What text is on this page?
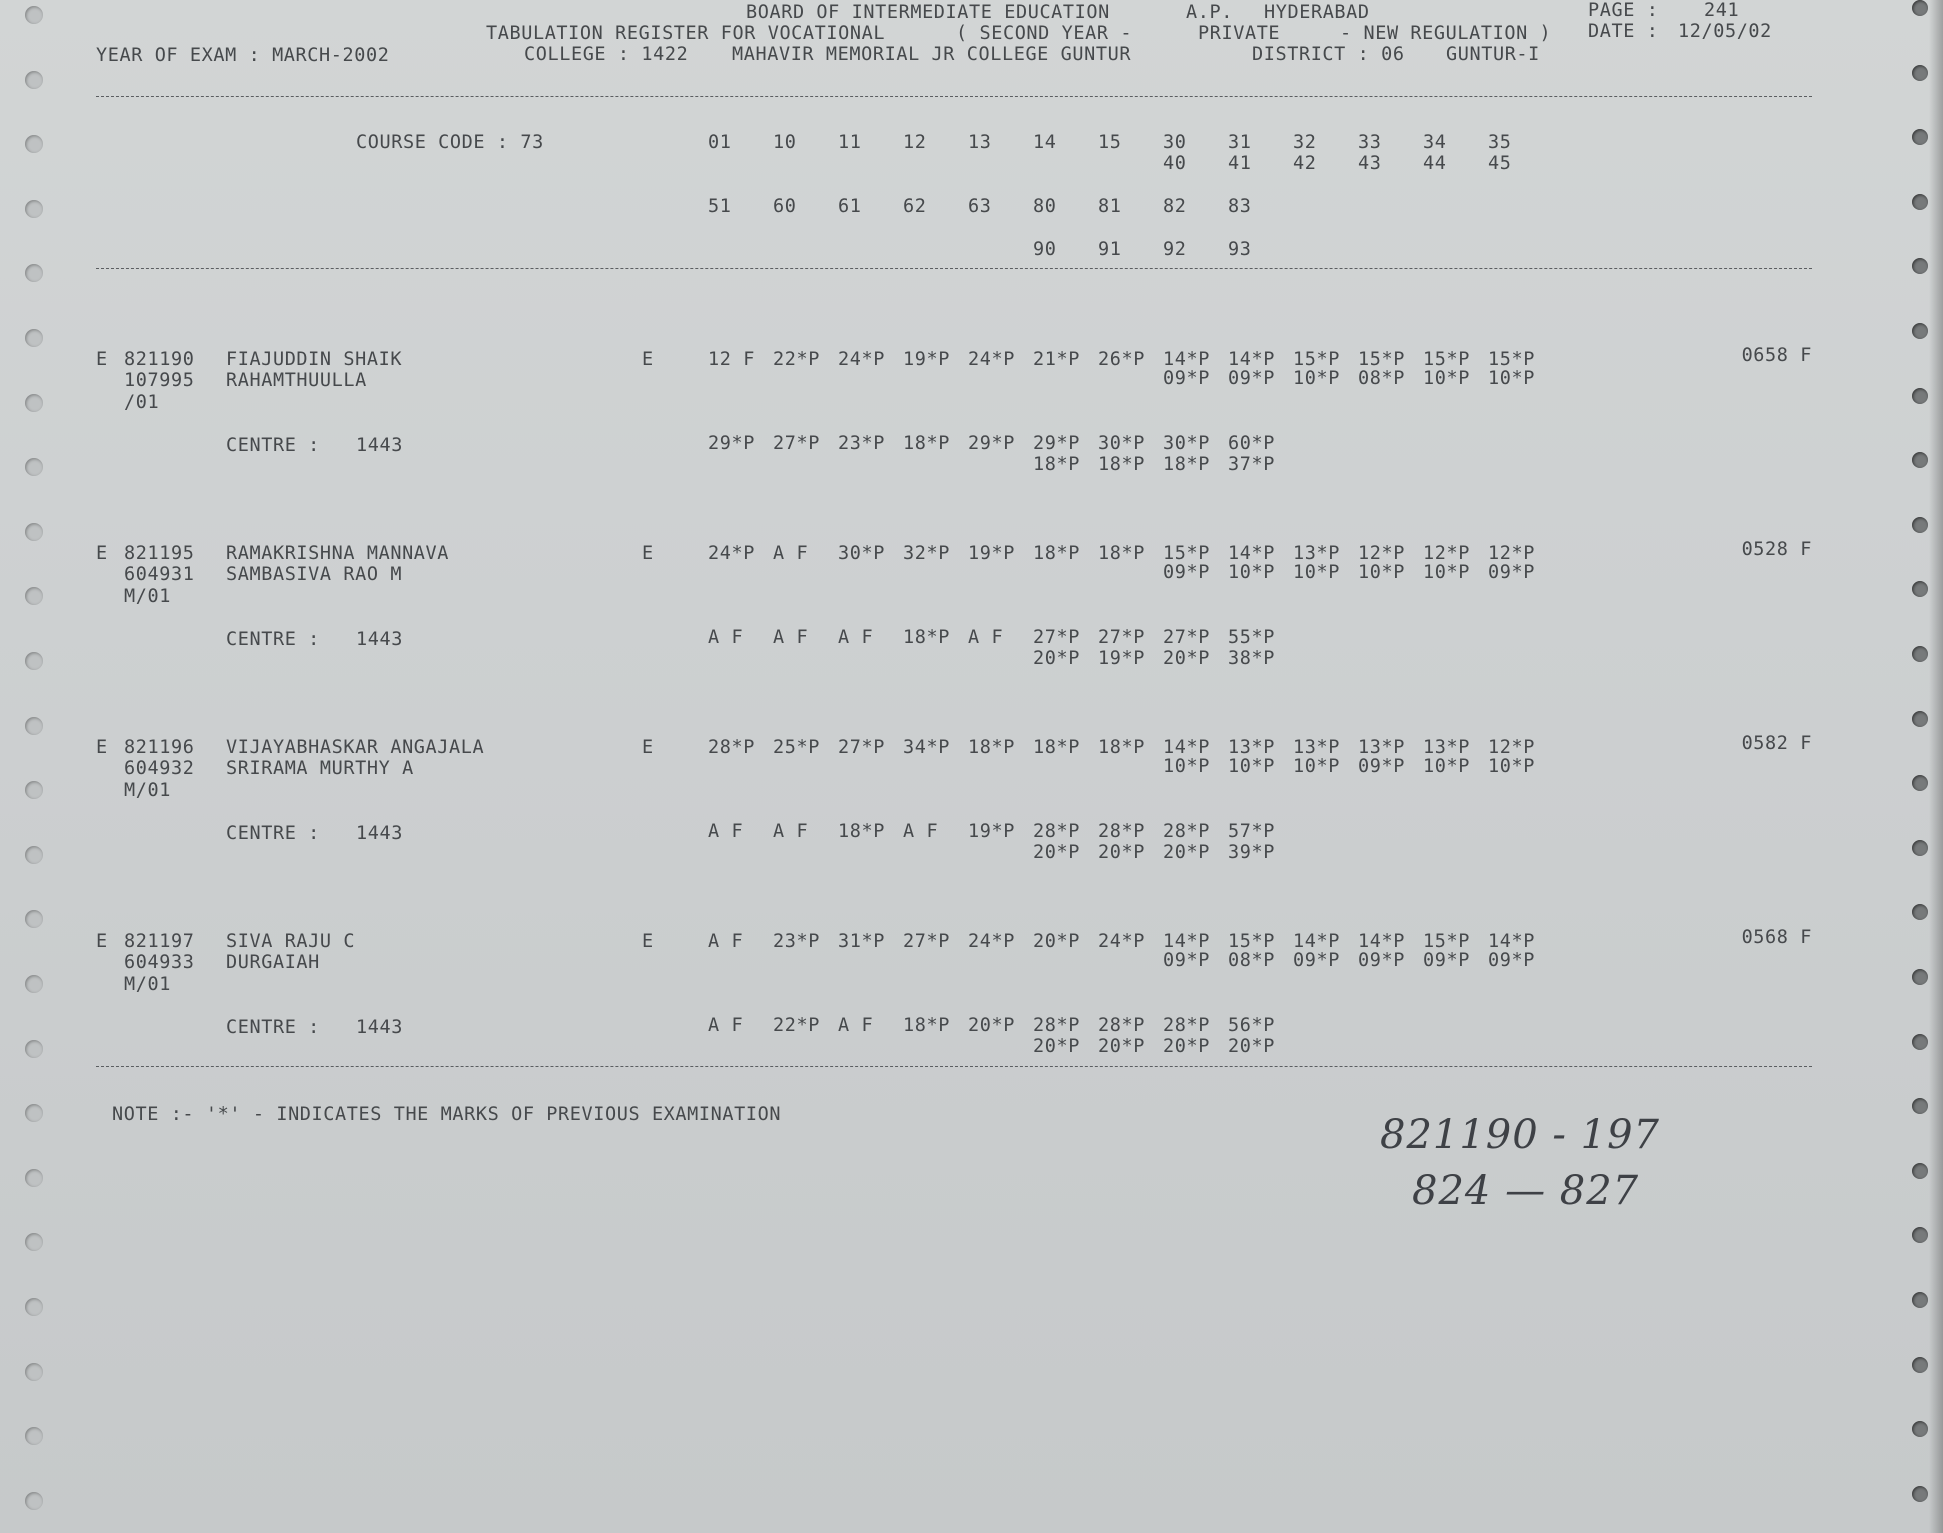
BOARD OF INTERMEDIATE EDUCATION	A.P. HYDERABAD	PAGE : 241
TABULATION REGISTER FOR VOCATIONAL	( SECOND YEAR -	PRIVATE	- NEW REGULATION ) DATE : 12/05/02
YEAR OF EXAM : MARCH-2002	COLLEGE : 1422 MAHAVIR MEMORIAL JR COLLEGE GUNTUR	DISTRICT : 06 GUNTUR-I
COURSE CODE : 73	01 10 11 12 13 14 15 30 31 32 33 34 35
40 41 42 43 44 45
51 60 61 62 63 80 81 82 83
90 91 92 93
E 821190 FIAJUDDIN SHAIK
107995 RAHAMTHUULLA
/01
E	12 F 22*P 24*P 19*P 24*P 21*P 26*P 14*P 14*P 15*P 15*P 15*P 15*P
09*P 09*P 10*P 08*P 10*P 10*P
0658 F
CENTRE : 1443	29*P 27*P 23*P 18*P 29*P 29*P 30*P 30*P 60*P
18*P 18*P 18*P 37*P
E 821195 RAMAKRISHNA MANNAVA
604931 SAMBASIVA RAO M
M/01
E	24*P A F 30*P 32*P 19*P 18*P 18*P 15*P 14*P 13*P 12*P 12*P 12*P
09*P 10*P 10*P 10*P 10*P 09*P
0528 F
CENTRE : 1443	A F A F A F 18*P A F 27*P 27*P 27*P 55*P
20*P 19*P 20*P 38*P
E 821196 VIJAYABHASKAR ANGAJALA
604932 SRIRAMA MURTHY A
M/01
E	28*P 25*P 27*P 34*P 18*P 18*P 18*P 14*P 13*P 13*P 13*P 13*P 12*P
10*P 10*P 10*P 09*P 10*P 10*P
0582 F
CENTRE : 1443	A F A F 18*P A F 19*P 28*P 28*P 28*P 57*P
20*P 20*P 20*P 39*P
E 821197 SIVA RAJU C
604933 DURGAIAH
M/01
E	A F 23*P 31*P 27*P 24*P 20*P 24*P 14*P 15*P 14*P 14*P 15*P 14*P
09*P 08*P 09*P 09*P 09*P 09*P
0568 F
CENTRE : 1443	A F 22*P A F 18*P 20*P 28*P 28*P 28*P 56*P
20*P 20*P 20*P 20*P
NOTE :- '*' - INDICATES THE MARKS OF PREVIOUS EXAMINATION	821190 - 197
824 — 827
